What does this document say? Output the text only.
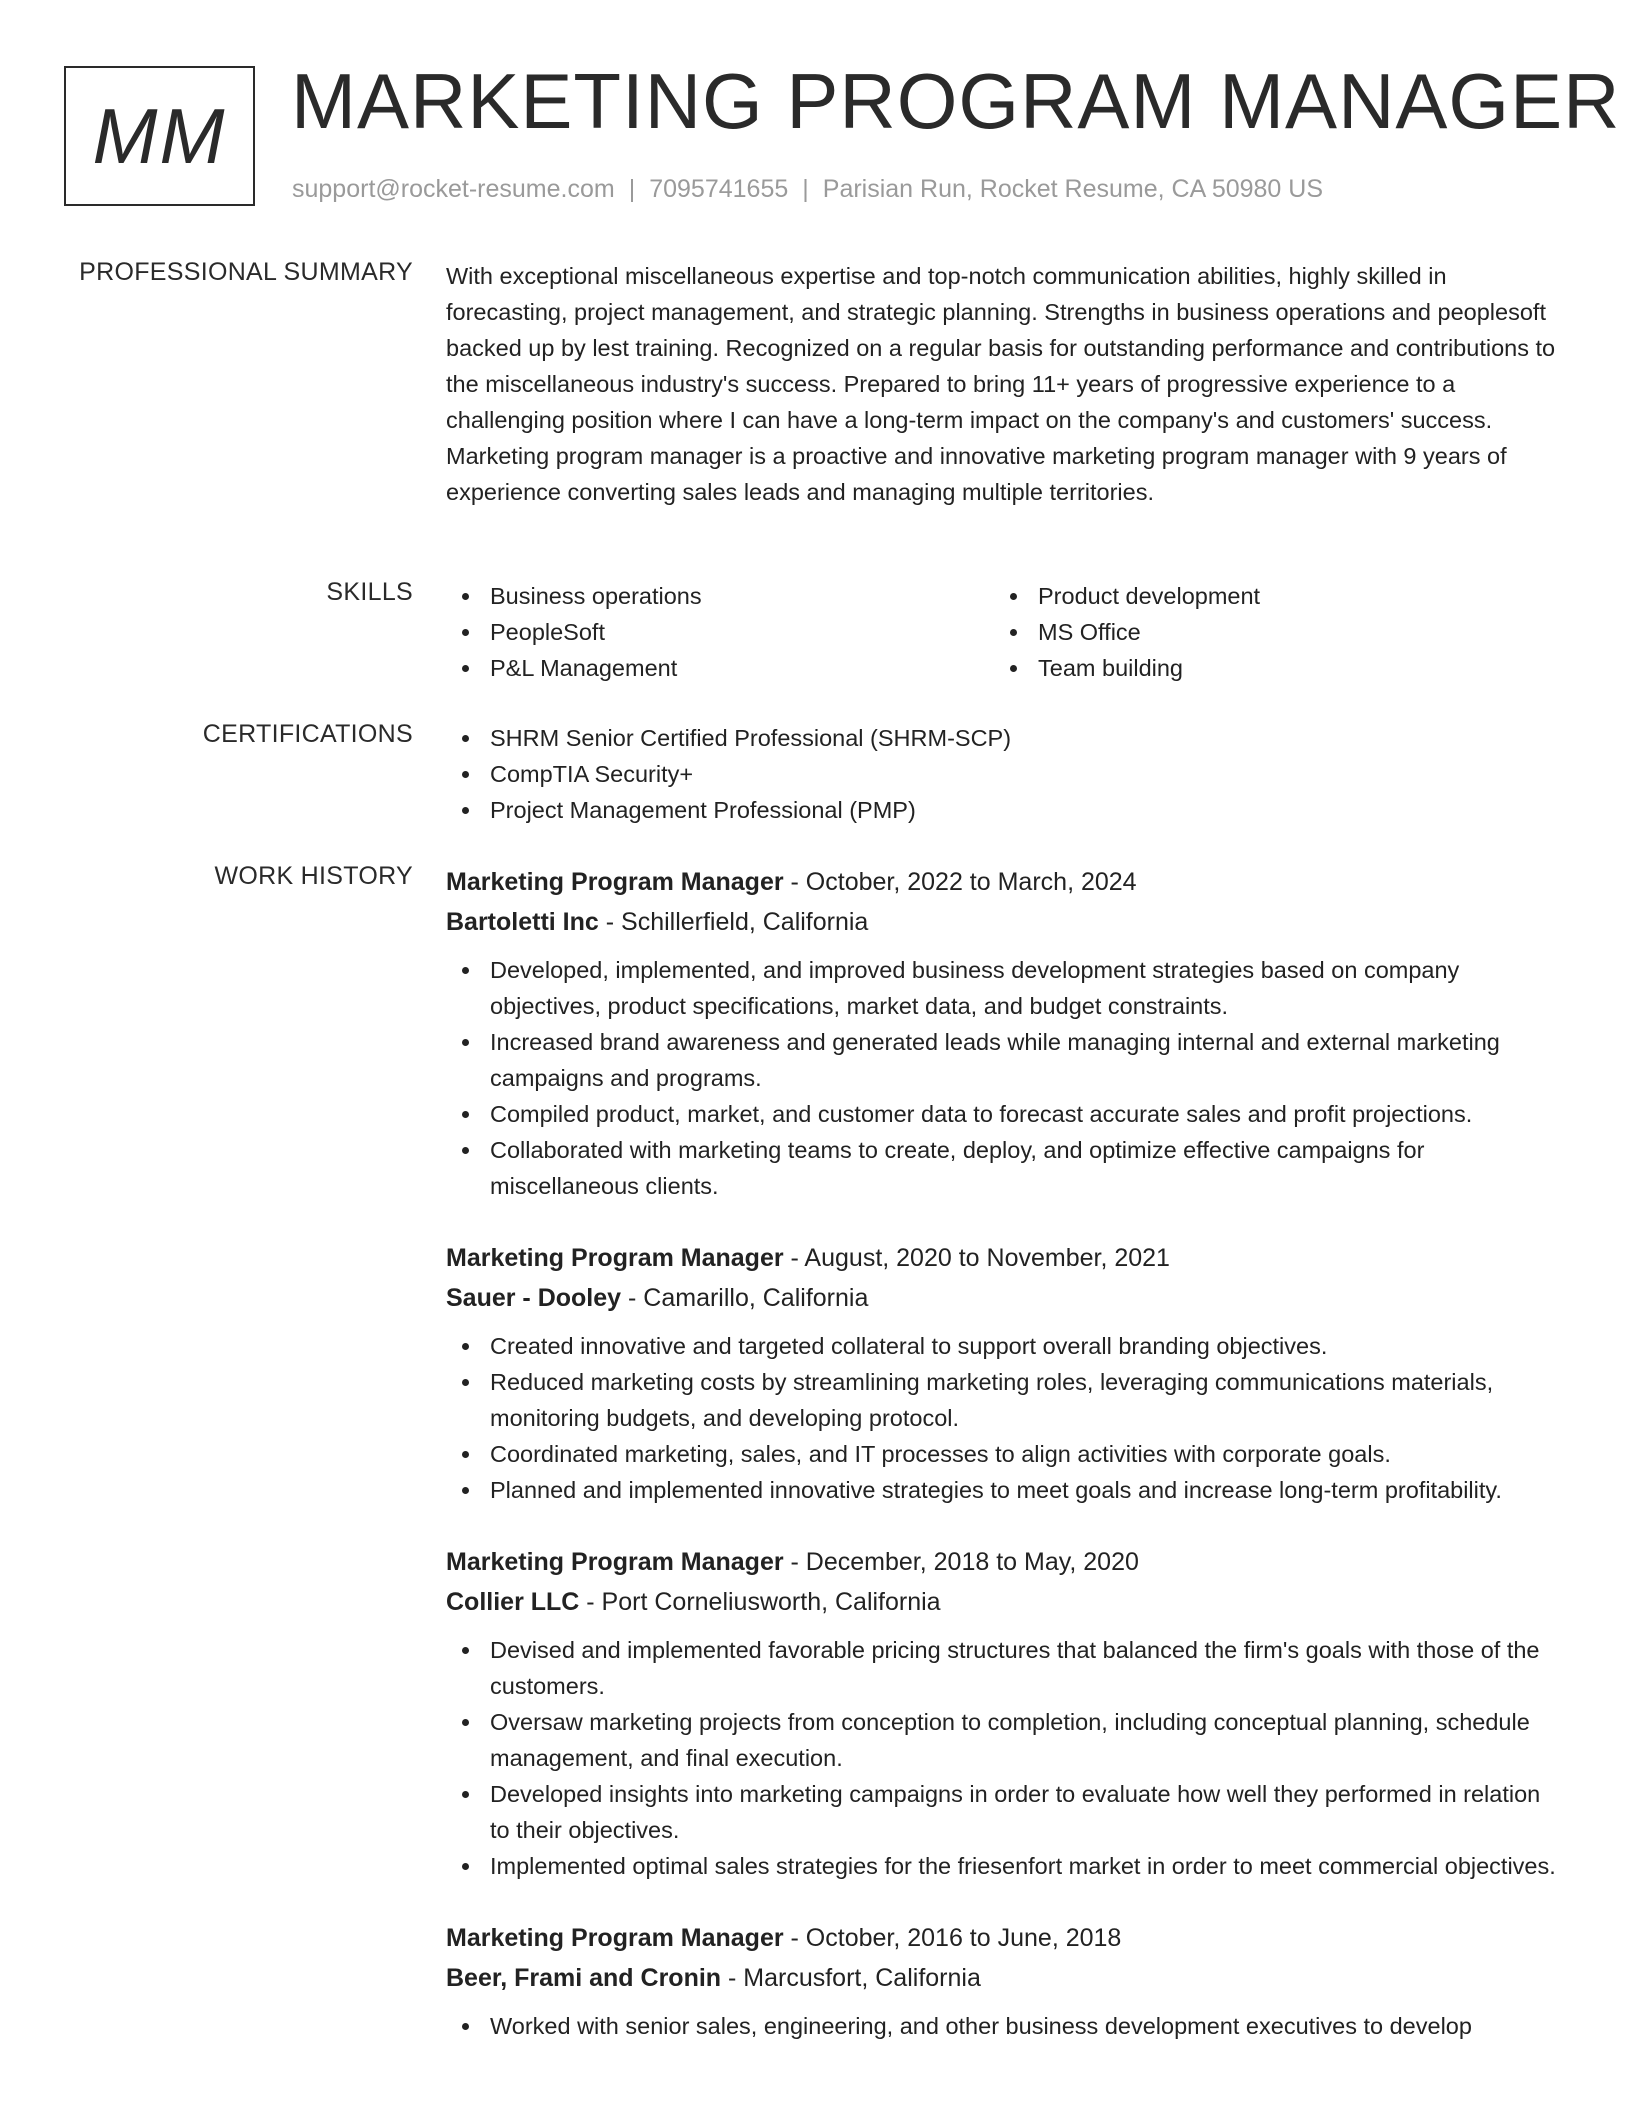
MM MARKETING PROGRAM MANAGER
support@rocket-resume.com | 7095741655 | Parisian Run, Rocket Resume, CA 50980 US
PROFESSIONAL SUMMARY With exceptional miscellaneous expertise and top-notch communication abilities, highly skilled in forecasting, project management, and strategic planning. Strengths in business operations and peoplesoft backed up by lest training. Recognized on a regular basis for outstanding performance and contributions to the miscellaneous industry's success. Prepared to bring 11+ years of progressive experience to a challenging position where I can have a long-term impact on the company's and customers' success. Marketing program manager is a proactive and innovative marketing program manager with 9 years of experience converting sales leads and managing multiple territories.

SKILLS	Business operations	Product development
PeopleSoft	MS Office
P&L Management	Team building
CERTIFICATIONS	SHRM Senior Certified Professional (SHRM-SCP)
CompTIA Security+
Project Management Professional (PMP)
WORK HISTORY Marketing Program Manager - October, 2022 to March, 2024
Bartoletti Inc - Schillerfield, California
Developed, implemented, and improved business development strategies based on company objectives, product specifications, market data, and budget constraints.
Increased brand awareness and generated leads while managing internal and external marketing campaigns and programs.
Compiled product, market, and customer data to forecast accurate sales and profit projections.
Collaborated with marketing teams to create, deploy, and optimize effective campaigns for miscellaneous clients.
Marketing Program Manager - August, 2020 to November, 2021
Sauer - Dooley - Camarillo, California
Created innovative and targeted collateral to support overall branding objectives.
Reduced marketing costs by streamlining marketing roles, leveraging communications materials, monitoring budgets, and developing protocol.
Coordinated marketing, sales, and IT processes to align activities with corporate goals.
Planned and implemented innovative strategies to meet goals and increase long-term profitability.
Marketing Program Manager - December, 2018 to May, 2020
Collier LLC - Port Corneliusworth, California
Devised and implemented favorable pricing structures that balanced the firm's goals with those of the customers.
Oversaw marketing projects from conception to completion, including conceptual planning, schedule management, and final execution.
Developed insights into marketing campaigns in order to evaluate how well they performed in relation to their objectives.
Implemented optimal sales strategies for the friesenfort market in order to meet commercial objectives.
Marketing Program Manager - October, 2016 to June, 2018
Beer, Frami and Cronin - Marcusfort, California
Worked with senior sales, engineering, and other business development executives to develop
